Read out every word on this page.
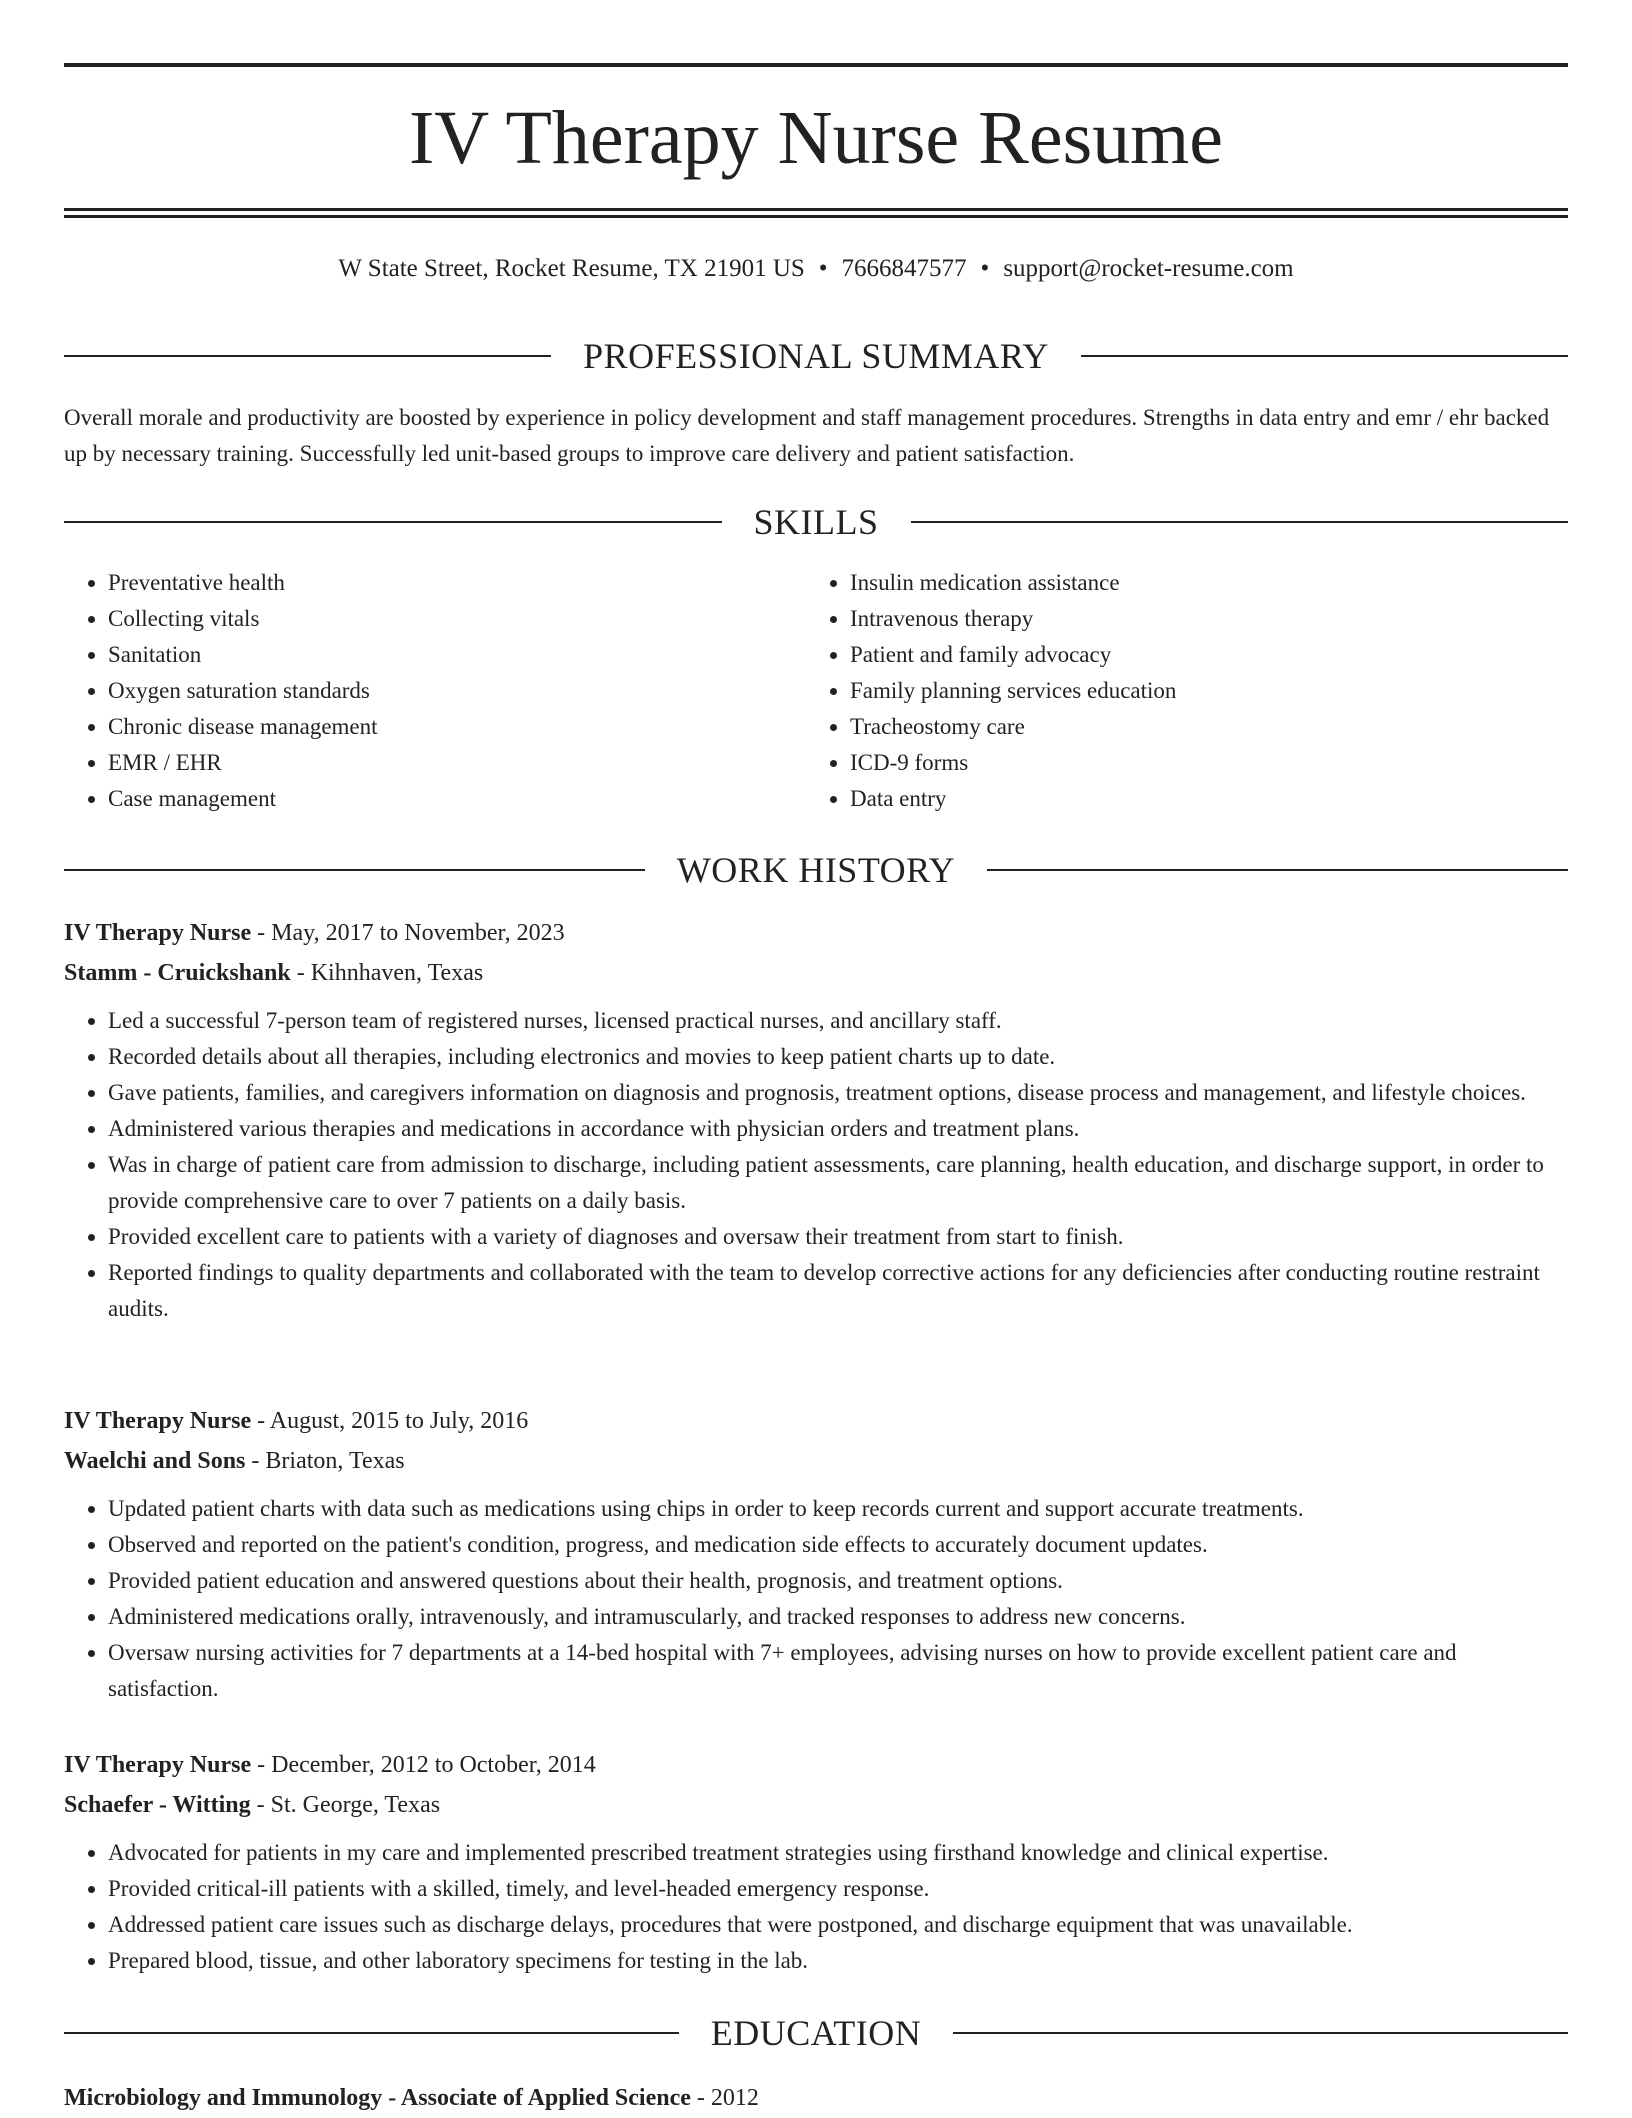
IV Therapy Nurse Resume
W State Street, Rocket Resume, TX 21901 US • 7666847577 • support@rocket-resume.com
PROFESSIONAL SUMMARY

Overall morale and productivity are boosted by experience in policy development and staff management procedures. Strengths in data entry and emr / ehr backed up by necessary training. Successfully led unit-based groups to improve care delivery and patient satisfaction.

SKILLS
• Preventative health
• Collecting vitals
• Sanitation
• Oxygen saturation standards
• Chronic disease management
• EMR / EHR
• Case management
• Insulin medication assistance
• Intravenous therapy
• Patient and family advocacy
• Family planning services education
• Tracheostomy care
• ICD-9 forms
• Data entry
WORK HISTORY
IV Therapy Nurse - May, 2017 to November, 2023
Stamm - Cruickshank - Kihnhaven, Texas
• Led a successful 7-person team of registered nurses, licensed practical nurses, and ancillary staff.
• Recorded details about all therapies, including electronics and movies to keep patient charts up to date.
• Gave patients, families, and caregivers information on diagnosis and prognosis, treatment options, disease process and management, and lifestyle choices.
• Administered various therapies and medications in accordance with physician orders and treatment plans.
• Was in charge of patient care from admission to discharge, including patient assessments, care planning, health education, and discharge support, in order to provide comprehensive care to over 7 patients on a daily basis.
• Provided excellent care to patients with a variety of diagnoses and oversaw their treatment from start to finish.
• Reported findings to quality departments and collaborated with the team to develop corrective actions for any deficiencies after conducting routine restraint audits.
IV Therapy Nurse - August, 2015 to July, 2016
Waelchi and Sons - Briaton, Texas
• Updated patient charts with data such as medications using chips in order to keep records current and support accurate treatments.
• Observed and reported on the patient's condition, progress, and medication side effects to accurately document updates.
• Provided patient education and answered questions about their health, prognosis, and treatment options.
• Administered medications orally, intravenously, and intramuscularly, and tracked responses to address new concerns.
• Oversaw nursing activities for 7 departments at a 14-bed hospital with 7+ employees, advising nurses on how to provide excellent patient care and satisfaction.
IV Therapy Nurse - December, 2012 to October, 2014
Schaefer - Witting - St. George, Texas
• Advocated for patients in my care and implemented prescribed treatment strategies using firsthand knowledge and clinical expertise.
• Provided critical-ill patients with a skilled, timely, and level-headed emergency response.
• Addressed patient care issues such as discharge delays, procedures that were postponed, and discharge equipment that was unavailable.
• Prepared blood, tissue, and other laboratory specimens for testing in the lab.
EDUCATION
Microbiology and Immunology - Associate of Applied Science - 2012
